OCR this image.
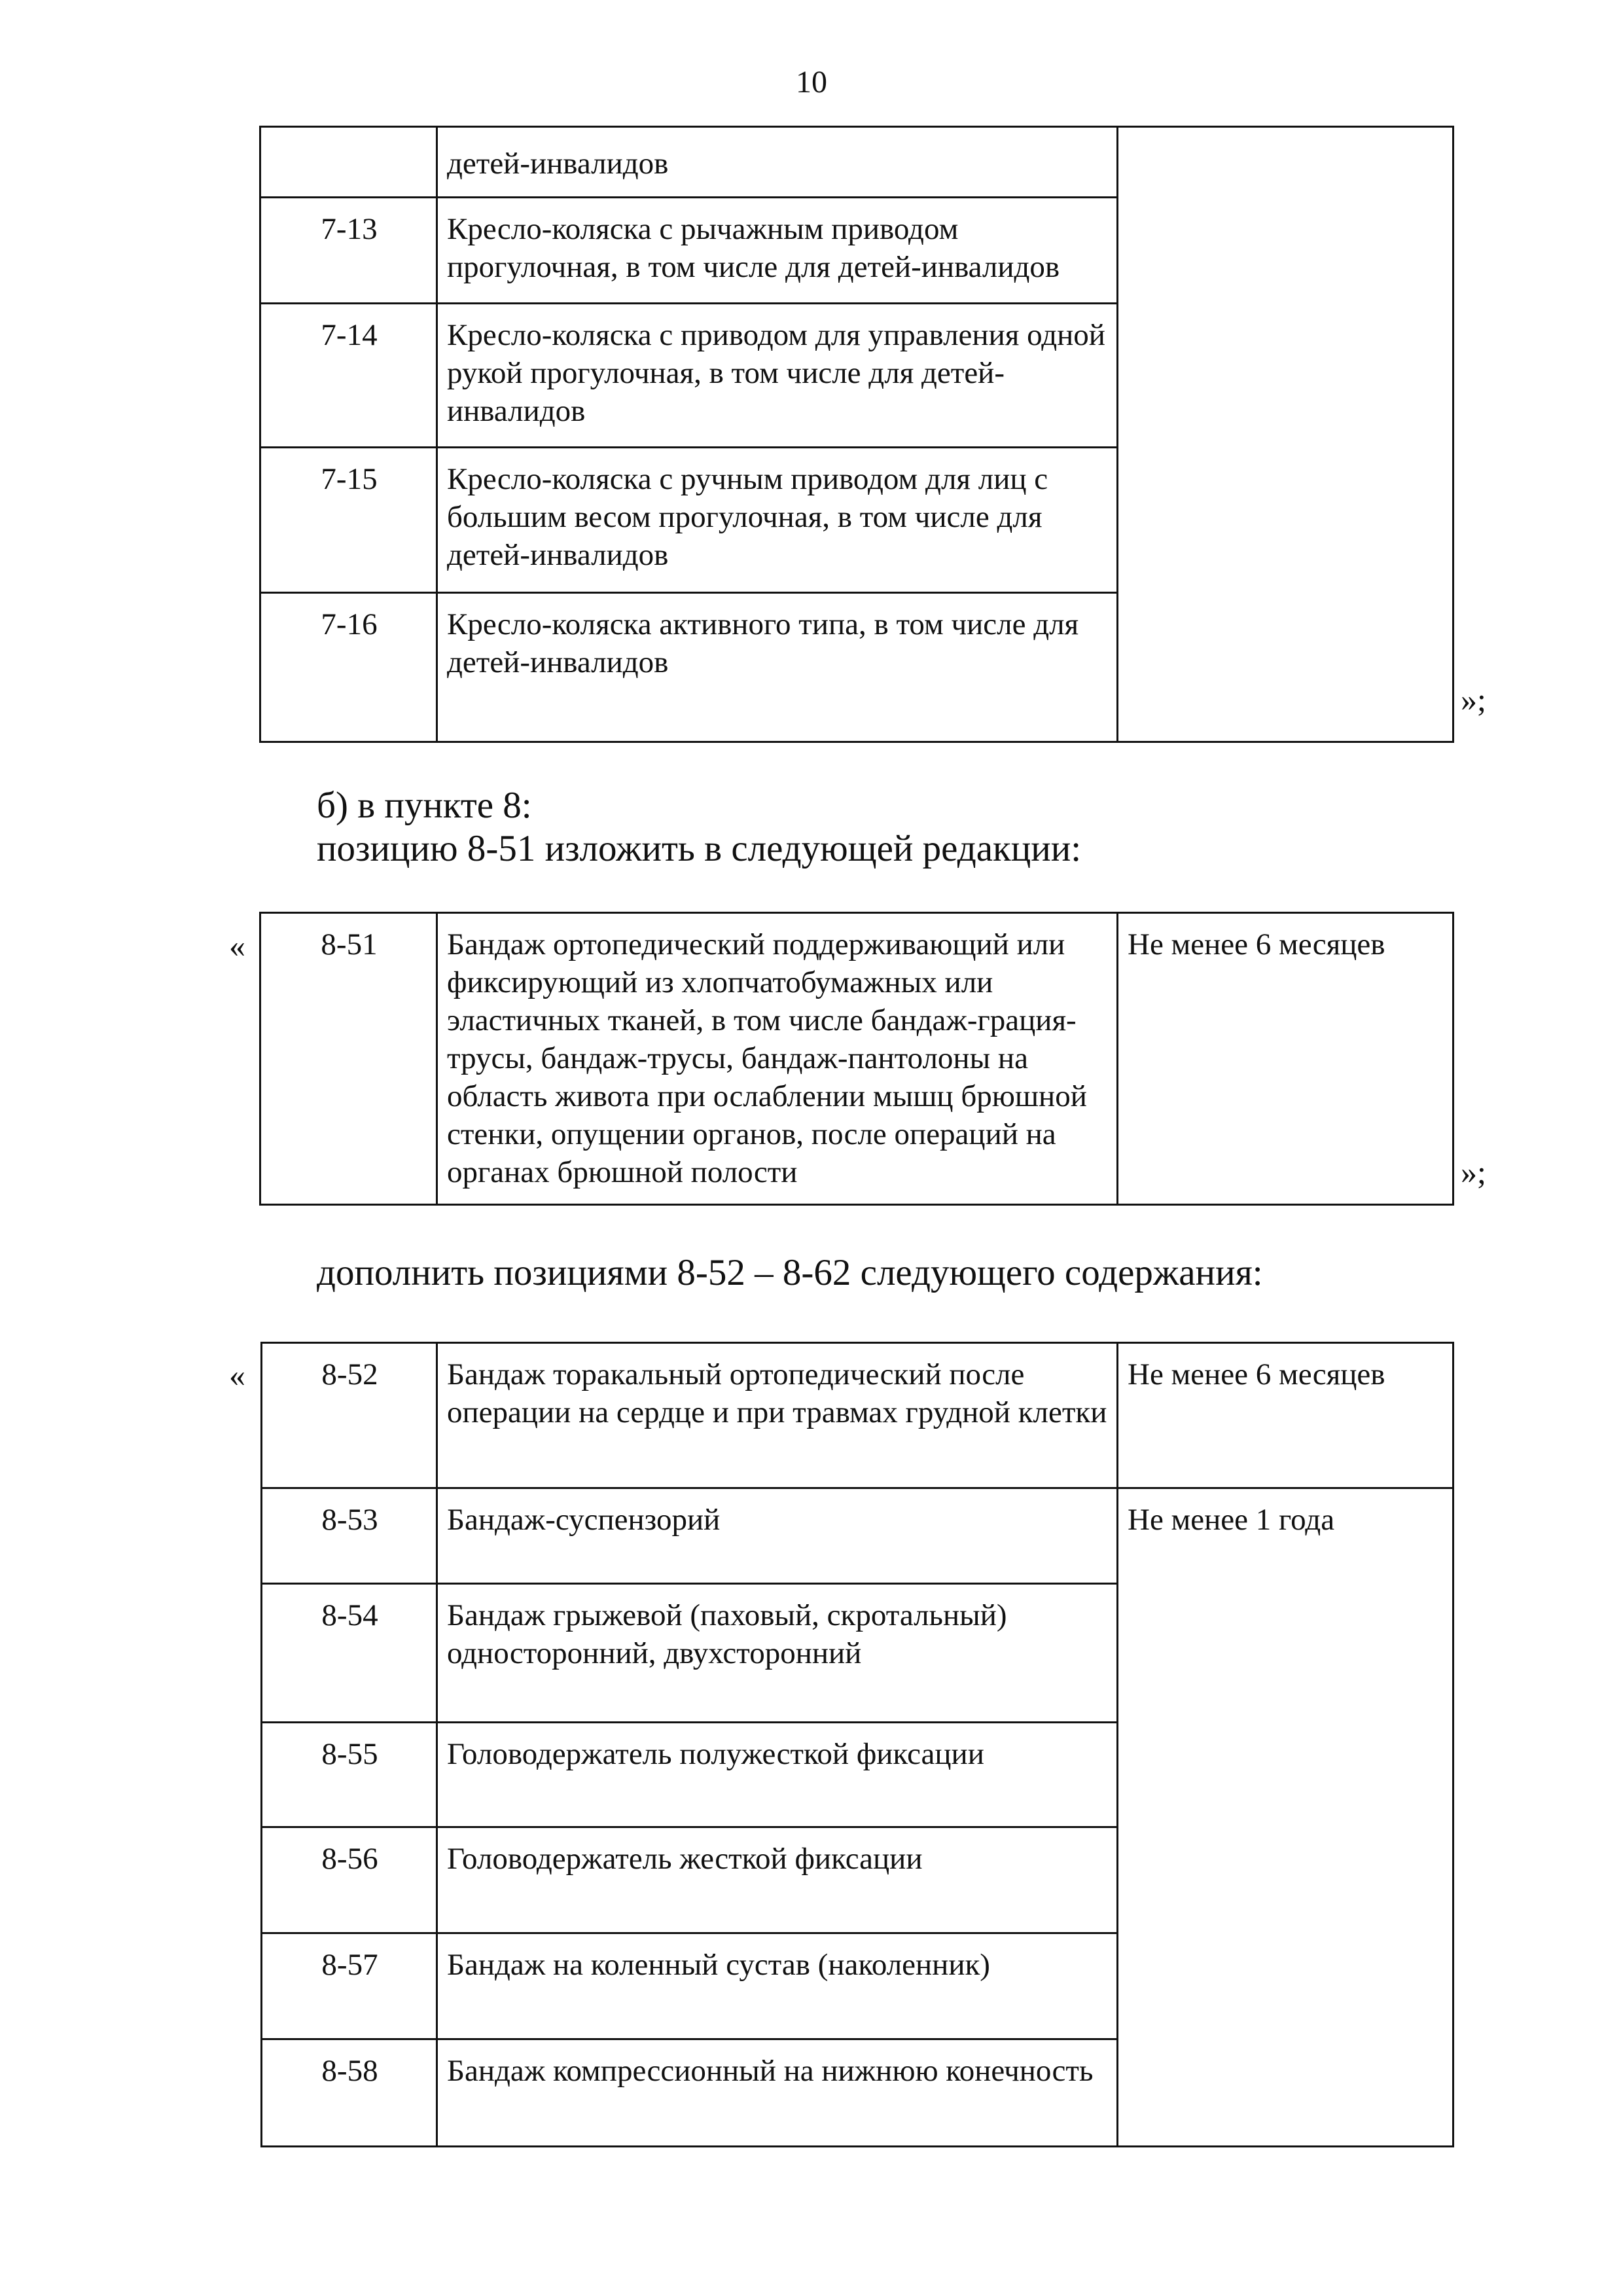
10
	детей-инвалидов	
7-13	Кресло-коляска с рычажным приводом прогулочная, в том числе для детей-инвалидов	
7-14	Кресло-коляска с приводом для управления одной рукой прогулочная, в том числе для детей-инвалидов	
7-15	Кресло-коляска с ручным приводом для лиц с большим весом прогулочная, в том числе для детей-инвалидов	
7-16	Кресло-коляска активного типа, в том числе для детей-инвалидов	
»;
б) в пункте 8:
позицию 8-51 изложить в следующей редакции:
« 8-51	Бандаж ортопедический поддерживающий или фиксирующий из хлопчатобумажных или эластичных тканей, в том числе бандаж-грация-трусы, бандаж-трусы, бандаж-пантолоны на область живота при ослаблении мышц брюшной стенки, опущении органов, после операций на органах брюшной полости	Не менее 6 месяцев
»;
дополнить позициями 8-52 – 8-62 следующего содержания:
« 8-52	Бандаж торакальный ортопедический после операции на сердце и при травмах грудной клетки	Не менее 6 месяцев
8-53	Бандаж-суспензорий	Не менее 1 года
8-54	Бандаж грыжевой (паховый, скротальный) односторонний, двухсторонний	
8-55	Головодержатель полужесткой фиксации	
8-56	Головодержатель жесткой фиксации	
8-57	Бандаж на коленный сустав (наколенник)	
8-58	Бандаж компрессионный на нижнюю конечность	
